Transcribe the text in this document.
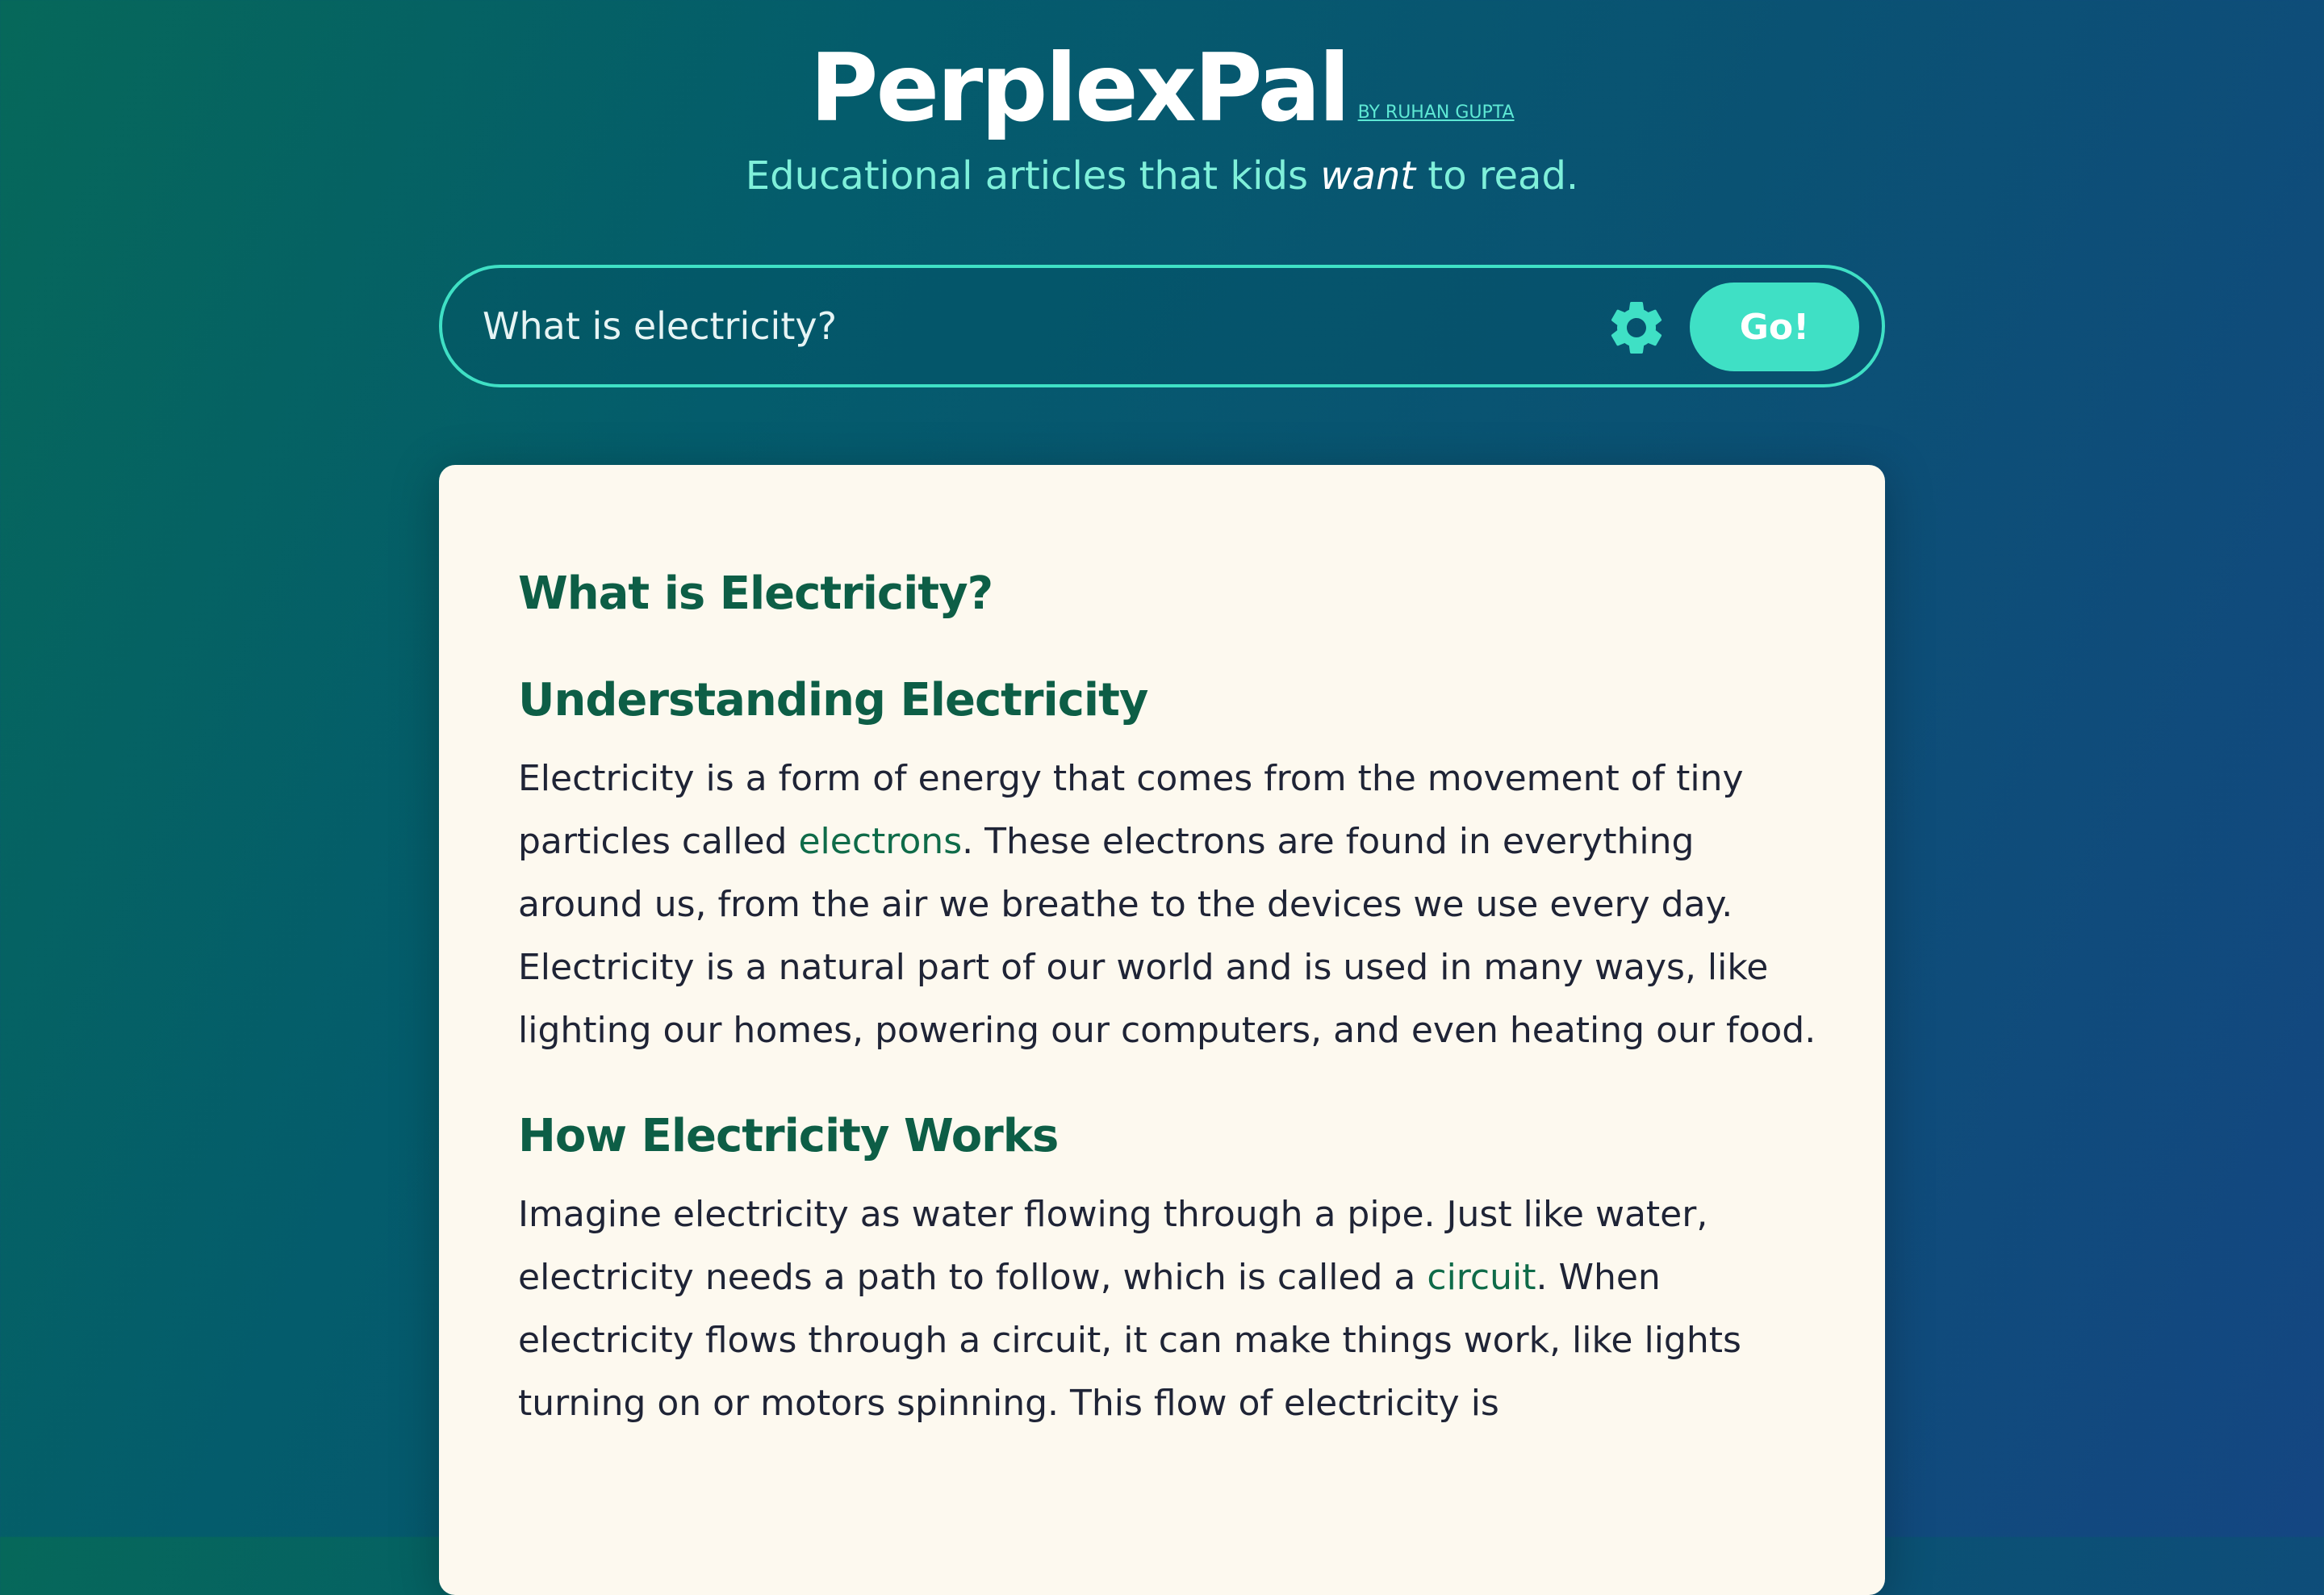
PerplexPal BY RUHAN GUPTA
Educational articles that kids want to read.
What is electricity?
Go!
What is Electricity?
Understanding Electricity

Electricity is a form of energy that comes from the movement of tiny particles called electrons. These electrons are found in everything around us, from the air we breathe to the devices we use every day. Electricity is a natural part of our world and is used in many ways, like lighting our homes, powering our computers, and even heating our food.

How Electricity Works

Imagine electricity as water flowing through a pipe. Just like water, electricity needs a path to follow, which is called a circuit. When electricity flows through a circuit, it can make things work, like lights turning on or motors spinning. This flow of electricity is
